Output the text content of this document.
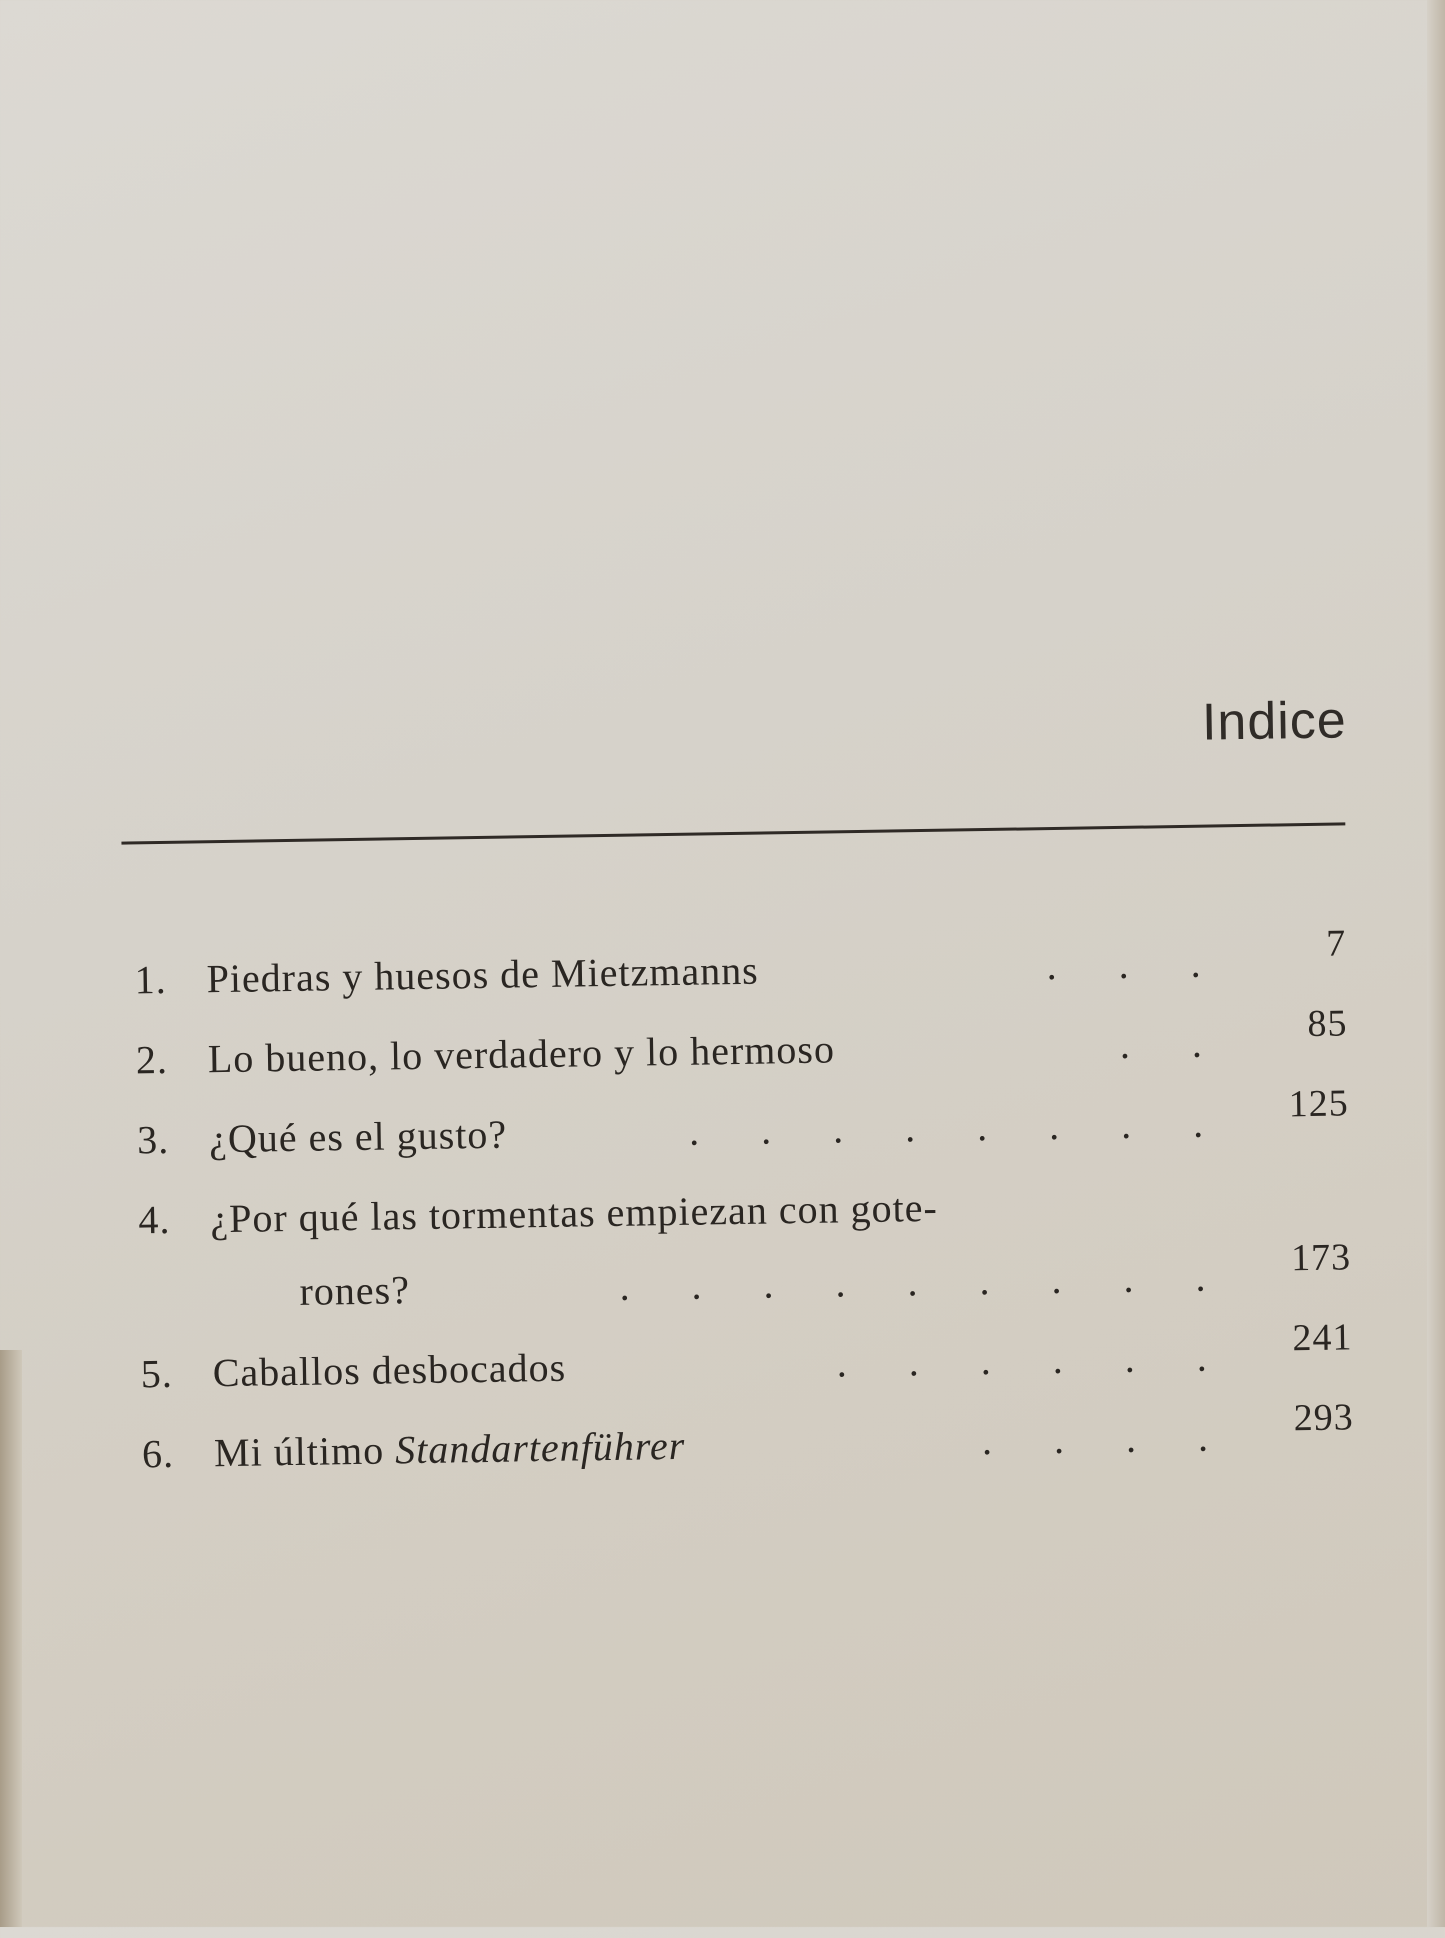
Indice
1. Piedras y huesos de Mietzmanns	. . .	7
2. Lo bueno, lo verdadero y lo hermoso	. .	85
3. ¿Qué es el gusto?	. . . . . . . .	125
4. ¿Por qué las tormentas empiezan con gote-
rones?	. . . . . . . . .	173
5. Caballos desbocados	. . . . . .	241
6. Mi último Standartenführer	. . . .	293
